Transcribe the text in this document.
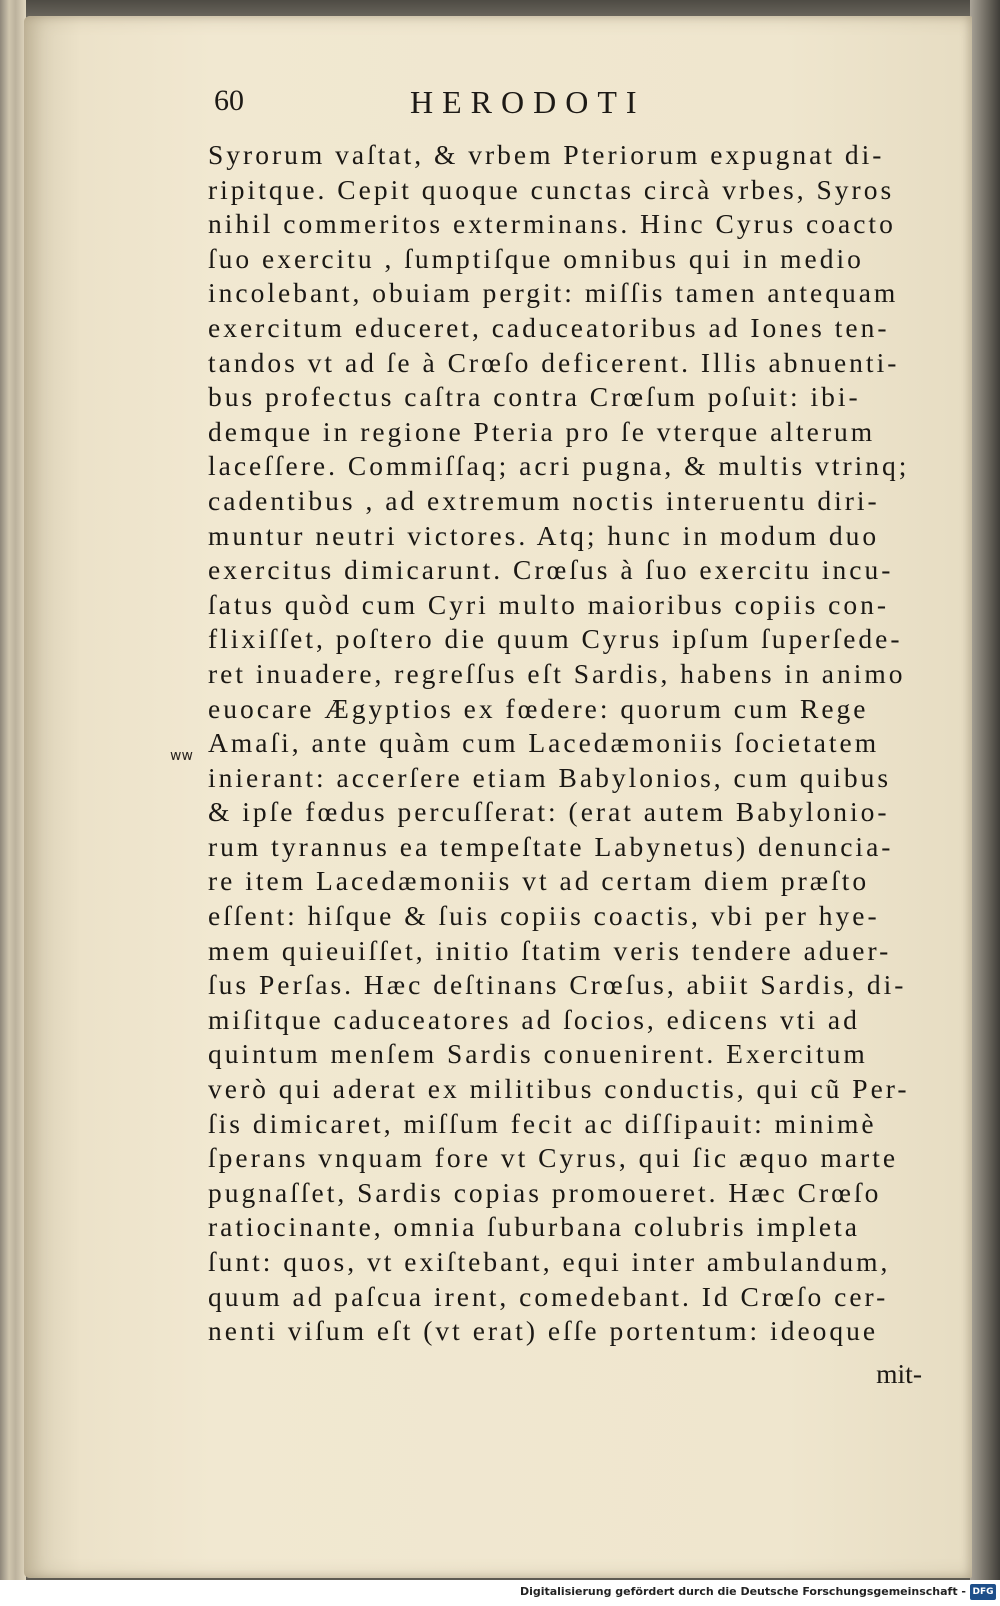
60	HERODOTI
ww
Syrorum vaſtat, & vrbem Pteriorum expugnat di-
ripitque. Cepit quoque cunctas circà vrbes, Syros
nihil commeritos exterminans. Hinc Cyrus coacto
ſuo exercitu , ſumptiſque omnibus qui in medio
incolebant, obuiam pergit: miſſis tamen antequam
exercitum educeret, caduceatoribus ad Iones ten-
tandos vt ad ſe à Crœſo deficerent. Illis abnuenti-
bus profectus caſtra contra Crœſum poſuit: ibi-
demque in regione Pteria pro ſe vterque alterum
laceſſere. Commiſſaq; acri pugna, & multis vtrinq;
cadentibus , ad extremum noctis interuentu diri-
muntur neutri victores. Atq; hunc in modum duo
exercitus dimicarunt. Crœſus à ſuo exercitu incu-
ſatus quòd cum Cyri multo maioribus copiis con-
flixiſſet, poſtero die quum Cyrus ipſum ſuperſede-
ret inuadere, regreſſus eſt Sardis, habens in animo
euocare Ægyptios ex fœdere: quorum cum Rege
Amaſi, ante quàm cum Lacedæmoniis ſocietatem
inierant: accerſere etiam Babylonios, cum quibus
& ipſe fœdus percuſſerat: (erat autem Babylonio-
rum tyrannus ea tempeſtate Labynetus) denuncia-
re item Lacedæmoniis vt ad certam diem præſto
eſſent: hiſque & ſuis copiis coactis, vbi per hye-
mem quieuiſſet, initio ſtatim veris tendere aduer-
ſus Perſas. Hæc deſtinans Crœſus, abiit Sardis, di-
miſitque caduceatores ad ſocios, edicens vti ad
quintum menſem Sardis conuenirent. Exercitum
verò qui aderat ex militibus conductis, qui cũ Per-
ſis dimicaret, miſſum fecit ac diſſipauit: minimè
ſperans vnquam fore vt Cyrus, qui ſic æquo marte
pugnaſſet, Sardis copias promoueret. Hæc Crœſo
ratiocinante, omnia ſuburbana colubris impleta
ſunt: quos, vt exiſtebant, equi inter ambulandum,
quum ad paſcua irent, comedebant. Id Crœſo cer-
nenti viſum eſt (vt erat) eſſe portentum: ideoque
mit-
Digitalisierung gefördert durch die Deutsche Forschungsgemeinschaft - DFG
